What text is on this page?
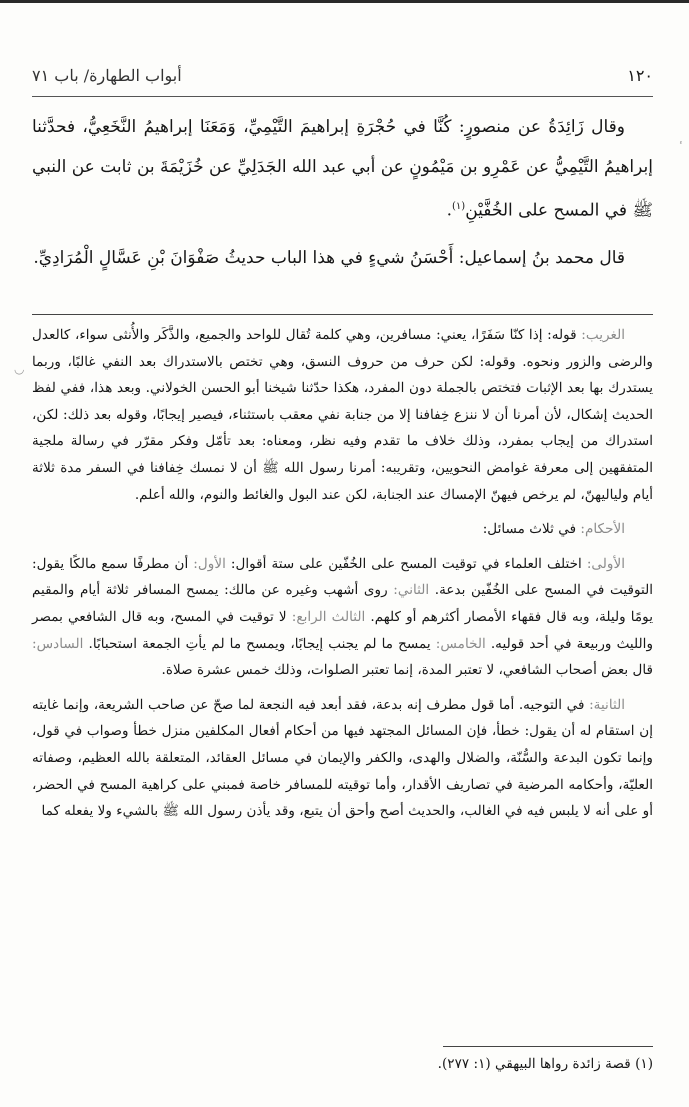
١٢٠
أبواب الطهارة/ باب ٧١

وقال زَائِدَةُ عن منصورٍ: كُنَّا في حُجْرَةِ إبراهيمَ التَّيْمِيِّ، وَمَعَنَا إبراهيمُ النَّخَعِيُّ، فحدَّثنا إبراهيمُ التَّيْمِيُّ عن عَمْرِو بن مَيْمُونٍ عن أبي عبد الله الجَدَلِيِّ عن خُزَيْمَةَ بن ثابت عن النبي ﷺ في المسح على الخُفَّيْنِ$^{(١)}$.

قال محمد بنُ إسماعيل: أَحْسَنُ شيءٍ في هذا الباب حديثُ صَفْوَانَ بْنِ عَسَّالٍ الْمُرَادِيِّ.

الغريب: قوله: إذا كنّا سَفَرًا، يعني: مسافرين، وهي كلمة تُقال للواحد والجميع، والذَّكَر والأُنثى سواء، كالعدل والرضى والزور ونحوه. وقوله: لكن حرف من حروف النسق، وهي تختص بالاستدراك بعد النفي غالبًا، وربما يستدرك بها بعد الإثبات فتختص بالجملة دون المفرد، هكذا حدّثنا شيخنا أبو الحسن الخولاني. وبعد هذا، ففي لفظ الحديث إشكال، لأن أمرنا أن لا ننزع خِفافنا إلا من جنابة نفي معقب باستثناء، فيصير إيجابًا، وقوله بعد ذلك: لكن، استدراك من إيجاب بمفرد، وذلك خلاف ما تقدم وفيه نظر، ومعناه: بعد تأمّل وفكر مقرّر في رسالة ملجية المتفقهين إلى معرفة غوامض النحويين، وتقريبه: أمرنا رسول الله ﷺ أن لا نمسك خِفافنا في السفر مدة ثلاثة أيام ولياليهنّ، لم يرخص فيهنّ الإمساك عند الجنابة، لكن عند البول والغائط والنوم، والله أعلم.

الأحكام: في ثلاث مسائل:

الأولى: اختلف العلماء في توقيت المسح على الخُفّين على ستة أقوال: الأول: أن مطرفًا سمع مالكًا يقول: التوقيت في المسح على الخُفّين بدعة. الثاني: روى أشهب وغيره عن مالك: يمسح المسافر ثلاثة أيام والمقيم يومًا وليلة، وبه قال فقهاء الأمصار أكثرهم أو كلهم. الثالث الرابع: لا توقيت في المسح، وبه قال الشافعي بمصر والليث وربيعة في أحد قوليه. الخامس: يمسح ما لم يجنب إيجابًا، ويمسح ما لم يأتِ الجمعة استحبابًا. السادس: قال بعض أصحاب الشافعي، لا تعتبر المدة، إنما تعتبر الصلوات، وذلك خمس عشرة صلاة.

الثانية: في التوجيه. أما قول مطرف إنه بدعة، فقد أبعد فيه النجعة لما صحّ عن صاحب الشريعة، وإنما غايته إن استقام له أن يقول: خطأ، فإن المسائل المجتهد فيها من أحكام أفعال المكلفين منزل خطأ وصواب في قول، وإنما تكون البدعة والسُّنّة، والضلال والهدى، والكفر والإيمان في مسائل العقائد، المتعلقة بالله العظيم، وصفاته العليّة، وأحكامه المرضية في تصاريف الأقدار، وأما توقيته للمسافر خاصة فمبني على كراهية المسح في الحضر، أو على أنه لا يلبس فيه في الغالب، والحديث أصح وأحق أن يتبع، وقد يأذن رسول الله ﷺ بالشيء ولا يفعله كما

(١) قصة زائدة رواها البيهقي (١: ٢٧٧).
◡
